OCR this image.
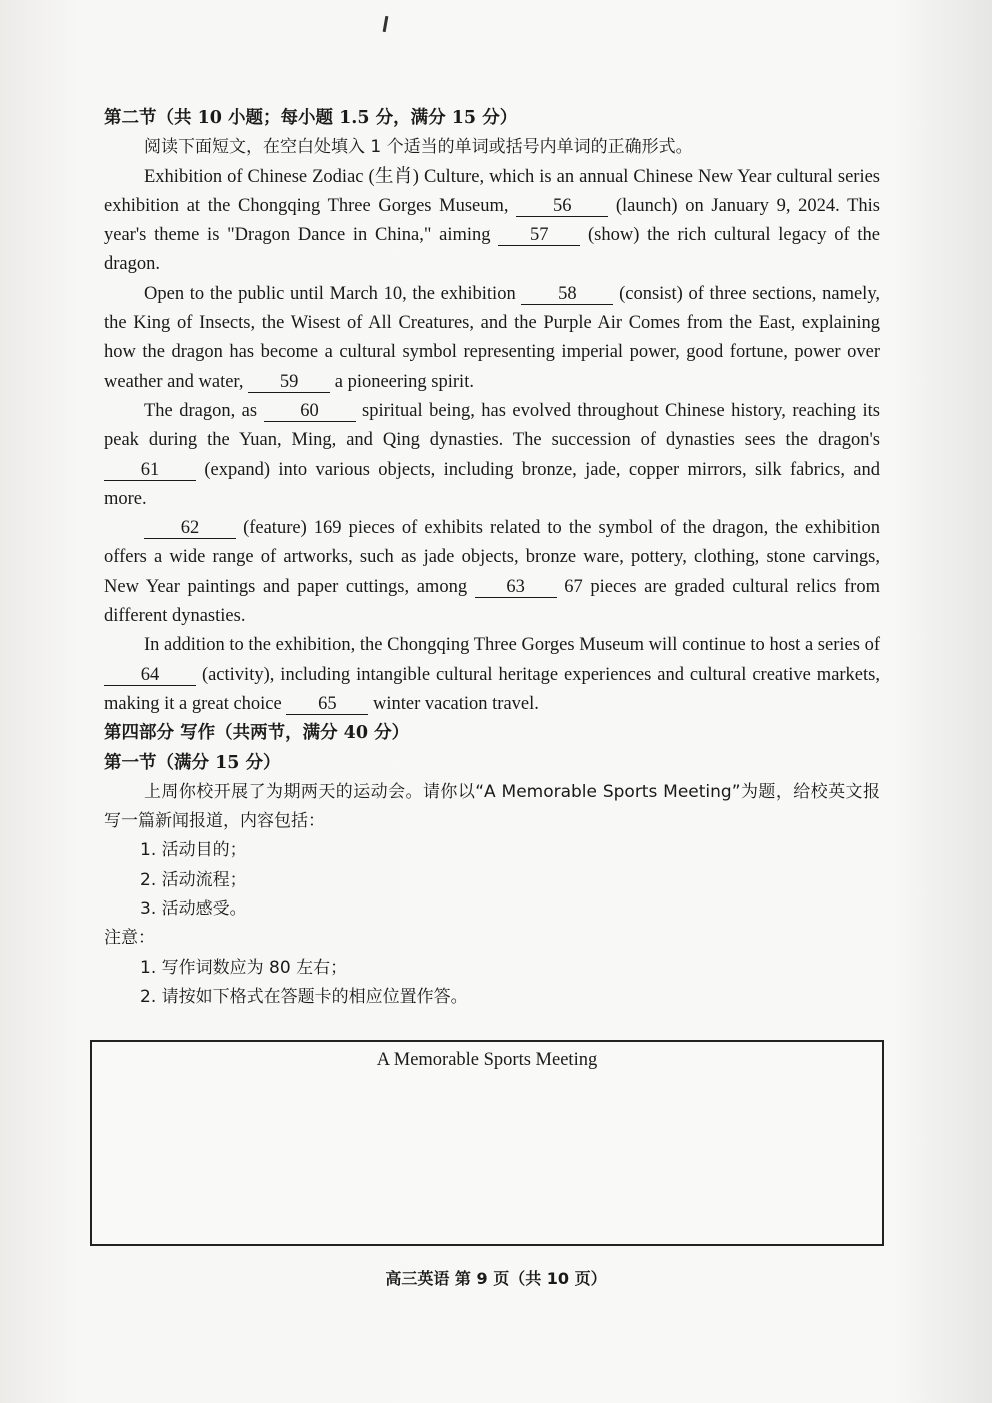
第二节（共 10 小题；每小题 1.5 分，满分 15 分）

阅读下面短文，在空白处填入 1 个适当的单词或括号内单词的正确形式。

Exhibition of Chinese Zodiac (生肖) Culture, which is an annual Chinese New Year cultural series exhibition at the Chongqing Three Gorges Museum, 56 (launch) on January 9, 2024. This year's theme is "Dragon Dance in China," aiming 57 (show) the rich cultural legacy of the dragon.

Open to the public until March 10, the exhibition 58 (consist) of three sections, namely, the King of Insects, the Wisest of All Creatures, and the Purple Air Comes from the East, explaining how the dragon has become a cultural symbol representing imperial power, good fortune, power over weather and water, 59 a pioneering spirit.

The dragon, as 60 spiritual being, has evolved throughout Chinese history, reaching its peak during the Yuan, Ming, and Qing dynasties. The succession of dynasties sees the dragon's 61 (expand) into various objects, including bronze, jade, copper mirrors, silk fabrics, and more.

62 (feature) 169 pieces of exhibits related to the symbol of the dragon, the exhibition offers a wide range of artworks, such as jade objects, bronze ware, pottery, clothing, stone carvings, New Year paintings and paper cuttings, among 63 67 pieces are graded cultural relics from different dynasties.

In addition to the exhibition, the Chongqing Three Gorges Museum will continue to host a series of 64 (activity), including intangible cultural heritage experiences and cultural creative markets, making it a great choice 65 winter vacation travel.

第四部分 写作（共两节，满分 40 分）
第一节（满分 15 分）

上周你校开展了为期两天的运动会。请你以“A Memorable Sports Meeting”为题，给校英文报写一篇新闻报道，内容包括：

1. 活动目的；
2. 活动流程；
3. 活动感受。
注意：
1. 写作词数应为 80 左右；
2. 请按如下格式在答题卡的相应位置作答。
A Memorable Sports Meeting
高三英语 第 9 页（共 10 页）
